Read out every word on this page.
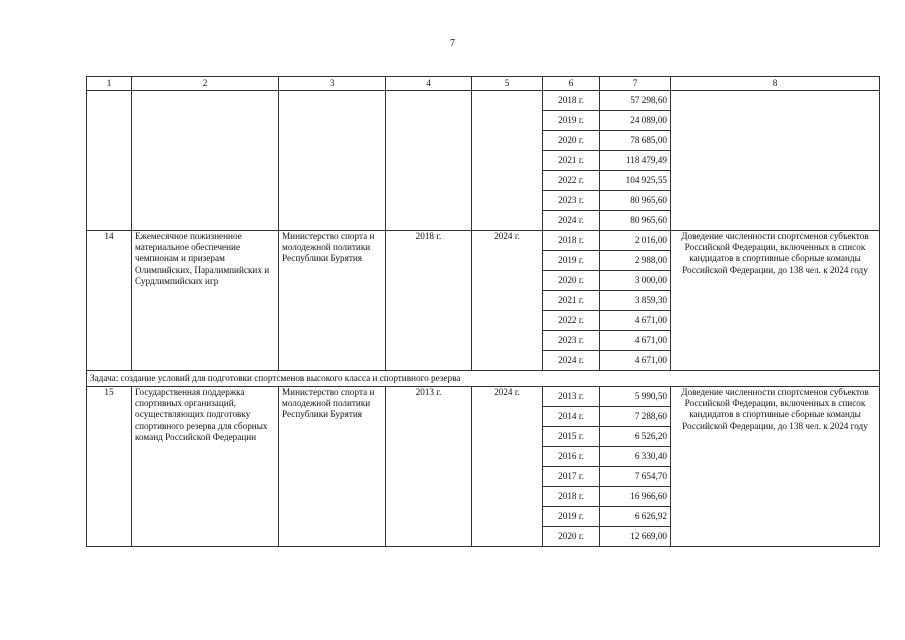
7
1	2	3	4	5	6	7	8
					2018 г.	57 298,60	
					2019 г.	24 089,00	
					2020 г.	78 685,00	
					2021 г.	118 479,49	
					2022 г.	104 925,55	
					2023 г.	80 965,60	
					2024 г.	80 965,60	
14	Ежемесячное пожизненное материальное обеспечение чемпионам и призерам Олимпийских, Паралимпийских и Сурдлимпийских игр	Министерство спорта и молодежной политики Республики Бурятия	2018 г.	2024 г.	2018 г.	2 016,00	Доведение численности спортсменов субъектов Российской Федерации, включенных в список кандидатов в спортивные сборные команды Российской Федерации, до 138 чел. к 2024 году
					2019 г.	2 988,00	
					2020 г.	3 000,00	
					2021 г.	3 859,30	
					2022 г.	4 671,00	
					2023 г.	4 671,00	
					2024 г.	4 671,00	
Задача: создание условий для подготовки спортсменов высокого класса и спортивного резерва							
15	Государственная поддержка спортивных организаций, осуществляющих подготовку спортивного резерва для сборных команд Российской Федерации	Министерство спорта и молодежной политики Республики Бурятия	2013 г.	2024 г.	2013 г.	5 990,50	Доведение численности спортсменов субъектов Российской Федерации, включенных в список кандидатов в спортивные сборные команды Российской Федерации, до 138 чел. к 2024 году
					2014 г.	7 288,60	
					2015 г.	6 526,20	
					2016 г.	6 330,40	
					2017 г.	7 654,70	
					2018 г.	16 966,60	
					2019 г.	6 626,92	
					2020 г.	12 669,00	
